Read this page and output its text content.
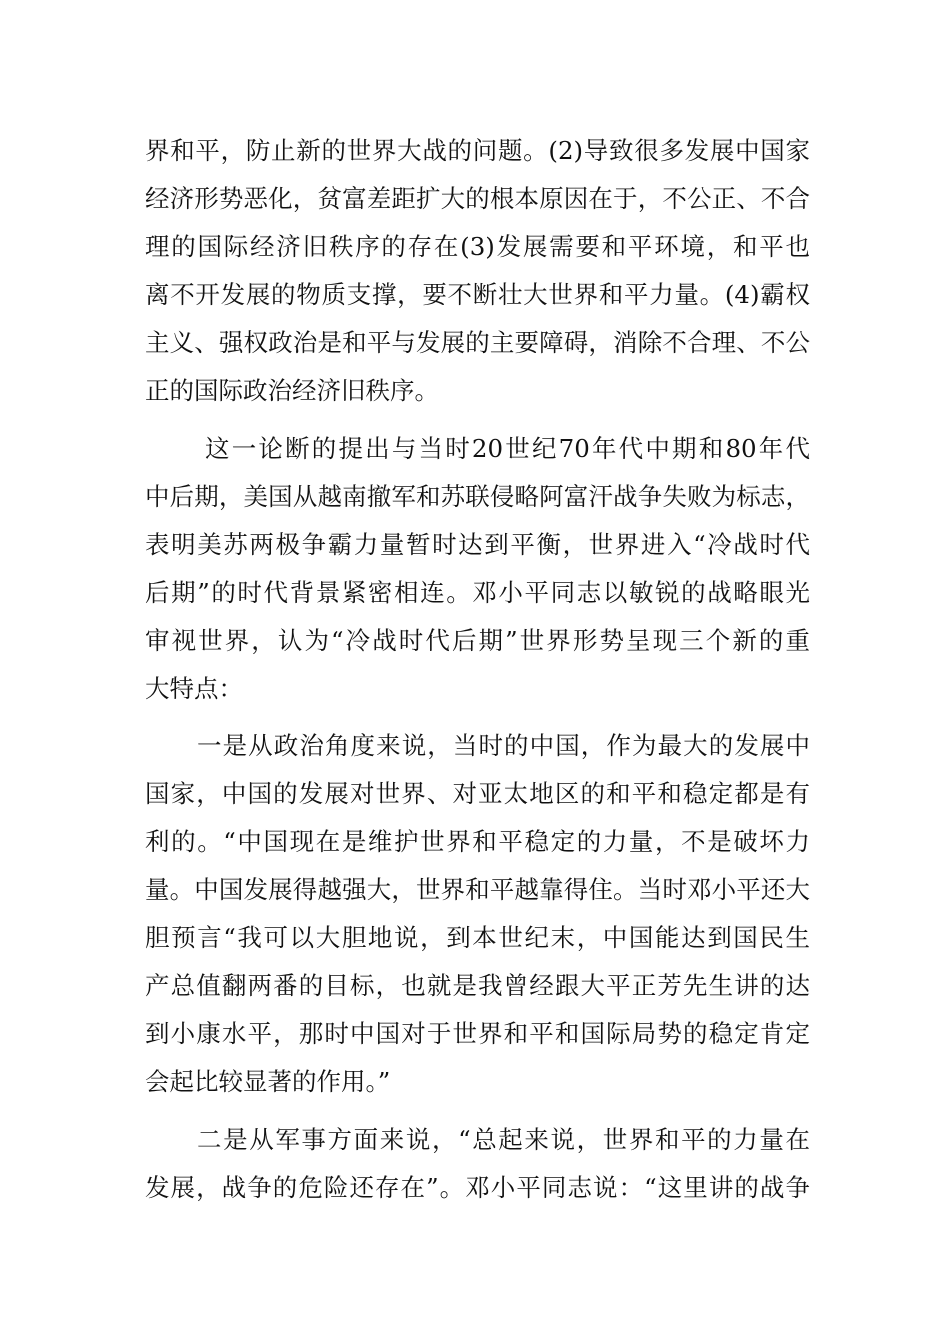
界和平，防止新的世界大战的问题。(2)导致很多发展中国家
经济形势恶化，贫富差距扩大的根本原因在于，不公正、不合
理的国际经济旧秩序的存在(3)发展需要和平环境，和平也
离不开发展的物质支撑，要不断壮大世界和平力量。(4)霸权
主义、强权政治是和平与发展的主要障碍，消除不合理、不公
正的国际政治经济旧秩序。
这一论断的提出与当时20世纪70年代中期和80年代
中后期，美国从越南撤军和苏联侵略阿富汗战争失败为标志，
表明美苏两极争霸力量暂时达到平衡，世界进入“冷战时代
后期”的时代背景紧密相连。邓小平同志以敏锐的战略眼光
审视世界，认为“冷战时代后期”世界形势呈现三个新的重
大特点：
一是从政治角度来说，当时的中国，作为最大的发展中
国家，中国的发展对世界、对亚太地区的和平和稳定都是有
利的。“中国现在是维护世界和平稳定的力量，不是破坏力
量。中国发展得越强大，世界和平越靠得住。当时邓小平还大
胆预言“我可以大胆地说，到本世纪末，中国能达到国民生
产总值翻两番的目标，也就是我曾经跟大平正芳先生讲的达
到小康水平，那时中国对于世界和平和国际局势的稳定肯定
会起比较显著的作用。”
二是从军事方面来说，“总起来说，世界和平的力量在
发展，战争的危险还存在”。邓小平同志说：“这里讲的战争
